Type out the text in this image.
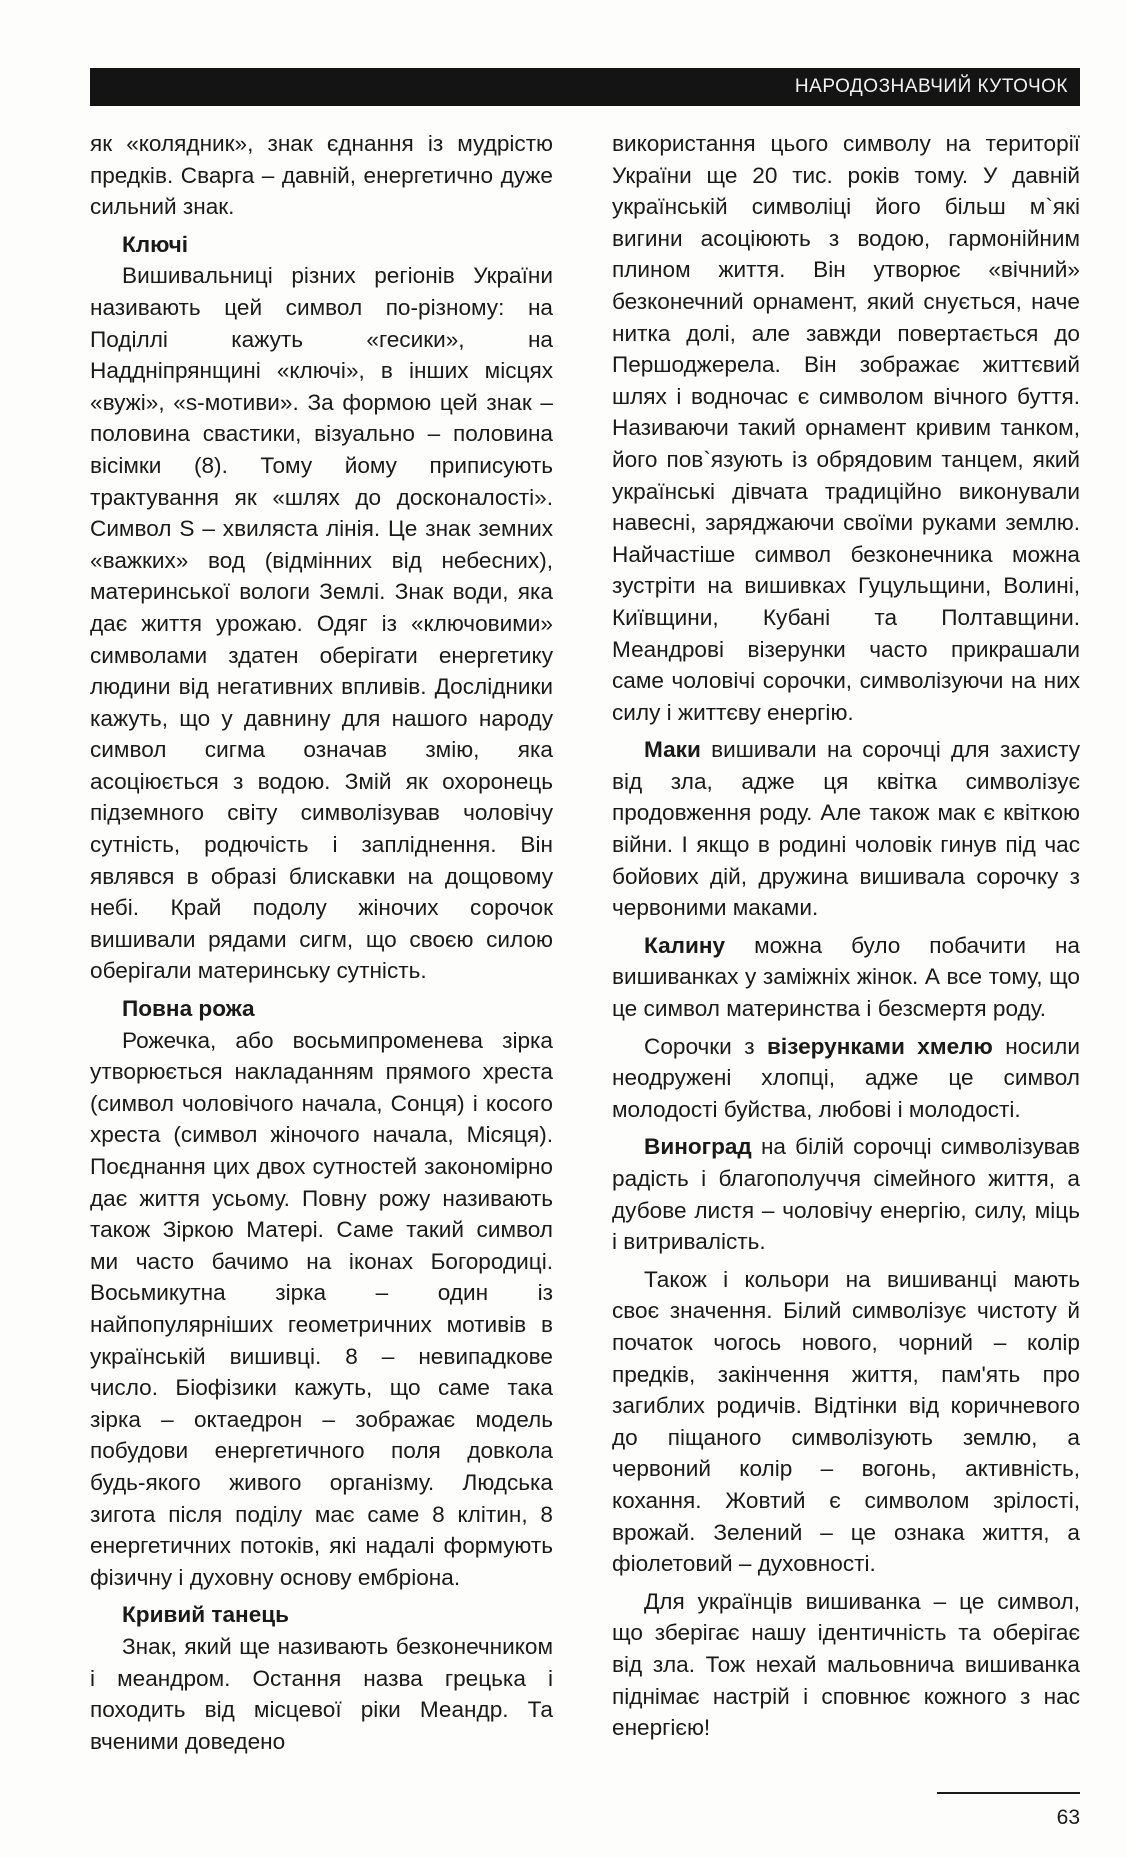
НАРОДОЗНАВЧИЙ КУТОЧОК

як «колядник», знак єднання із мудрістю предків. Сварга – давній, енергетично дуже сильний знак.

Ключі

Вишивальниці різних регіонів України називають цей символ по-різному: на Поділлі кажуть «гесики», на Наддніпрянщині «ключі», в інших місцях «вужі», «s-мотиви». За формою цей знак – половина свастики, візуально – половина вісімки (8). Тому йому приписують трактування як «шлях до досконалості». Символ S – хвиляста лінія. Це знак земних «важких» вод (відмінних від небесних), материнської вологи Землі. Знак води, яка дає життя урожаю. Одяг із «ключовими» символами здатен оберігати енергетику людини від негативних впливів. Дослідники кажуть, що у давнину для нашого народу символ сигма означав змію, яка асоціюється з водою. Змій як охоронець підземного світу символізував чоловічу сутність, родючість і запліднення. Він являвся в образі блискавки на дощовому небі. Край подолу жіночих сорочок вишивали рядами сигм, що своєю силою оберігали материнську сутність.

Повна рожа

Рожечка, або восьмипроменева зірка утворюється накладанням прямого хреста (символ чоловічого начала, Сонця) і косого хреста (символ жіночого начала, Місяця). Поєднання цих двох сутностей закономірно дає життя усьому. Повну рожу називають також Зіркою Матері. Саме такий символ ми часто бачимо на іконах Богородиці. Восьмикутна зірка – один із найпопулярніших геометричних мотивів в українській вишивці. 8 – невипадкове число. Біофізики кажуть, що саме така зірка – октаедрон – зображає модель побудови енергетичного поля довкола будь-якого живого організму. Людська зигота після поділу має саме 8 клітин, 8 енергетичних потоків, які надалі формують фізичну і духовну основу ембріона.

Кривий танець

Знак, який ще називають безконечником і меандром. Остання назва грецька і походить від місцевої ріки Меандр. Та вченими доведено

використання цього символу на території України ще 20 тис. років тому. У давній українській символіці його більш м`які вигини асоціюють з водою, гармонійним плином життя. Він утворює «вічний» безконечний орнамент, який снується, наче нитка долі, але завжди повертається до Першоджерела. Він зображає життєвий шлях і водночас є символом вічного буття. Називаючи такий орнамент кривим танком, його пов`язують із обрядовим танцем, який українські дівчата традиційно виконували навесні, заряджаючи своїми руками землю. Найчастіше символ безконечника можна зустріти на вишивках Гуцульщини, Волині, Київщини, Кубані та Полтавщини. Меандрові візерунки часто прикрашали саме чоловічі сорочки, символізуючи на них силу і життєву енергію.

Маки вишивали на сорочці для захисту від зла, адже ця квітка символізує продовження роду. Але також мак є квіткою війни. І якщо в родині чоловік гинув під час бойових дій, дружина вишивала сорочку з червоними маками.

Калину можна було побачити на вишиванках у заміжніх жінок. А все тому, що це символ материнства і безсмертя роду.

Сорочки з візерунками хмелю носили неодружені хлопці, адже це символ молодості буйства, любові і молодості.

Виноград на білій сорочці символізував радість і благополуччя сімейного життя, а дубове листя – чоловічу енергію, силу, міць і витривалість.

Також і кольори на вишиванці мають своє значення. Білий символізує чистоту й початок чогось нового, чорний – колір предків, закінчення життя, пам'ять про загиблих родичів. Відтінки від коричневого до піщаного символізують землю, а червоний колір – вогонь, активність, кохання. Жовтий є символом зрілості, врожай. Зелений – це ознака життя, а фіолетовий – духовності.

Для українців вишиванка – це символ, що зберігає нашу ідентичність та оберігає від зла. Тож нехай мальовнича вишиванка піднімає настрій і сповнює кожного з нас енергією!

63
